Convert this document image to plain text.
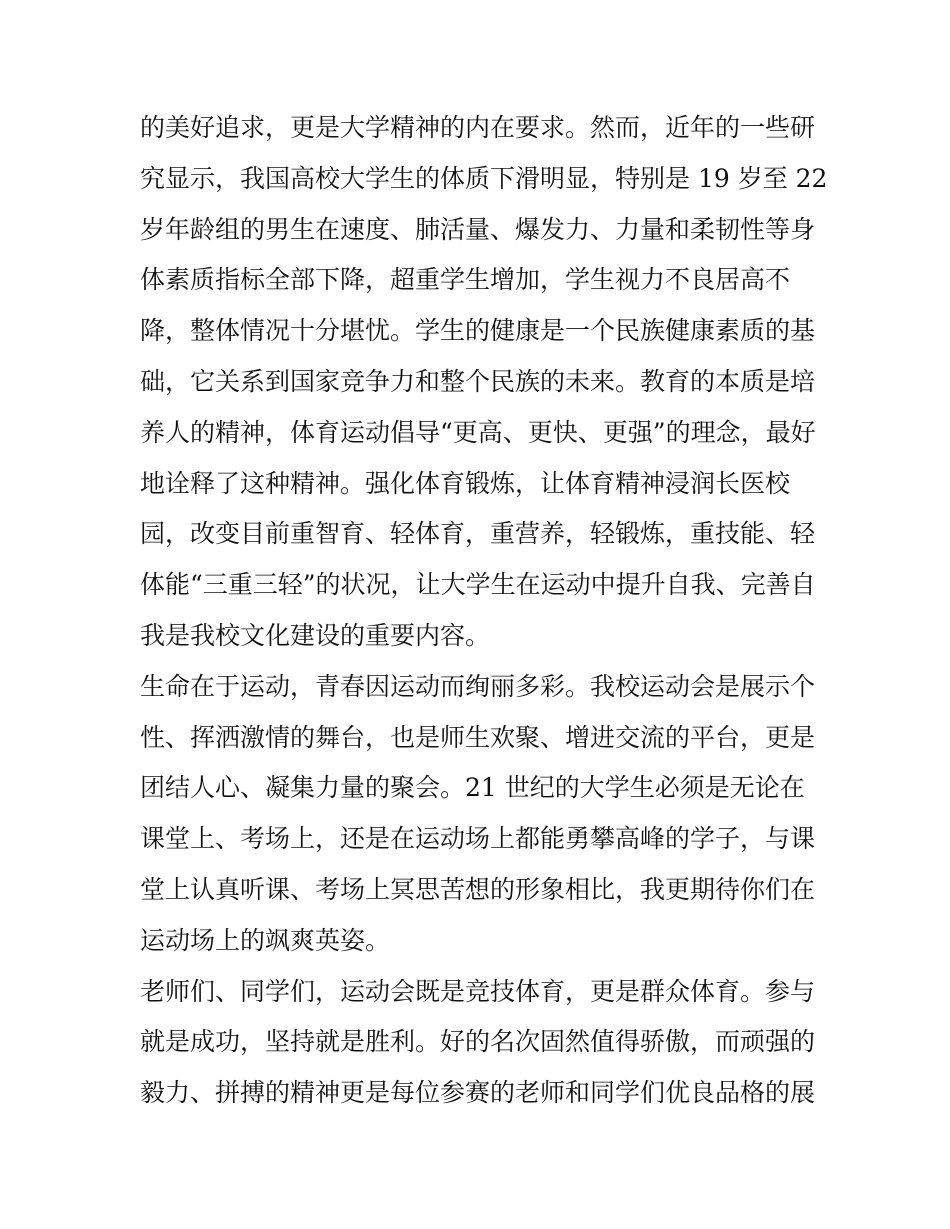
的美好追求，更是大学精神的内在要求。然而，近年的一些研
究显示，我国高校大学生的体质下滑明显，特别是 19 岁至 22
岁年龄组的男生在速度、肺活量、爆发力、力量和柔韧性等身
体素质指标全部下降，超重学生增加，学生视力不良居高不
降，整体情况十分堪忧。学生的健康是一个民族健康素质的基
础，它关系到国家竞争力和整个民族的未来。教育的本质是培
养人的精神，体育运动倡导“更高、更快、更强”的理念，最好
地诠释了这种精神。强化体育锻炼，让体育精神浸润长医校
园，改变目前重智育、轻体育，重营养，轻锻炼，重技能、轻
体能“三重三轻”的状况，让大学生在运动中提升自我、完善自
我是我校文化建设的重要内容。
生命在于运动，青春因运动而绚丽多彩。我校运动会是展示个
性、挥洒激情的舞台，也是师生欢聚、增进交流的平台，更是
团结人心、凝集力量的聚会。21 世纪的大学生必须是无论在
课堂上、考场上，还是在运动场上都能勇攀高峰的学子，与课
堂上认真听课、考场上冥思苦想的形象相比，我更期待你们在
运动场上的飒爽英姿。
老师们、同学们，运动会既是竞技体育，更是群众体育。参与
就是成功，坚持就是胜利。好的名次固然值得骄傲，而顽强的
毅力、拼搏的精神更是每位参赛的老师和同学们优良品格的展
